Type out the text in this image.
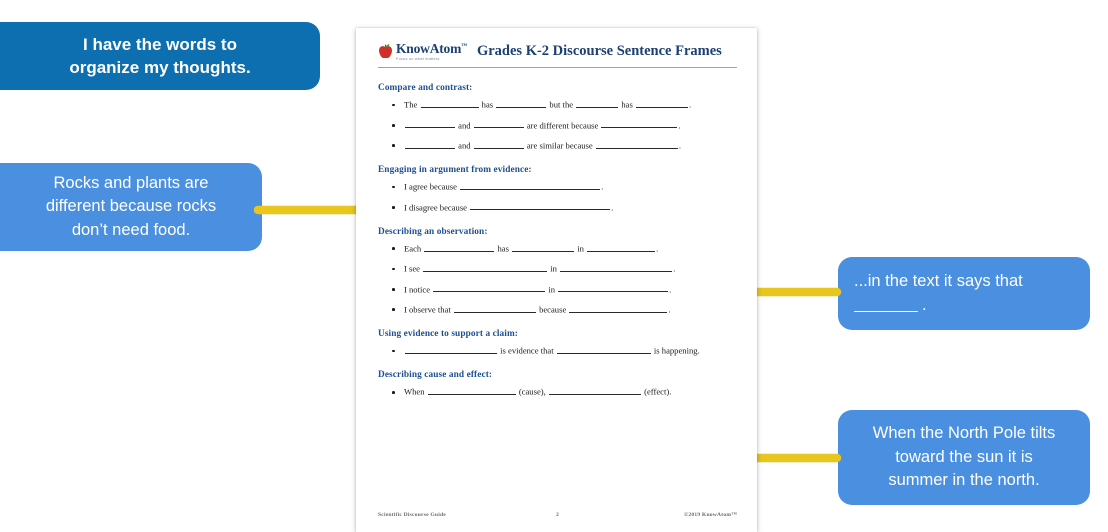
I have the words to
organize my thoughts.
Rocks and plants are
different because rocks
don’t need food.
...in the text it says that
.
When the North Pole tilts
toward the sun it is
summer in the north.
KnowAtom™
Focus on what matters.	Grades K-2 Discourse Sentence Frames
Compare and contrast:
The	has	but the	has	.
and	are different because	.
and	are similar because	.
Engaging in argument from evidence:
I agree because	.
I disagree because	.
Describing an observation:
Each	has	in	.
I see	in	.
I notice	in	.
I observe that	because	.
Using evidence to support a claim:
is evidence that	is happening.
Describing cause and effect:
When	(cause),	(effect).
Scientific Discourse Guide	2	©2019 KnowAtom™
